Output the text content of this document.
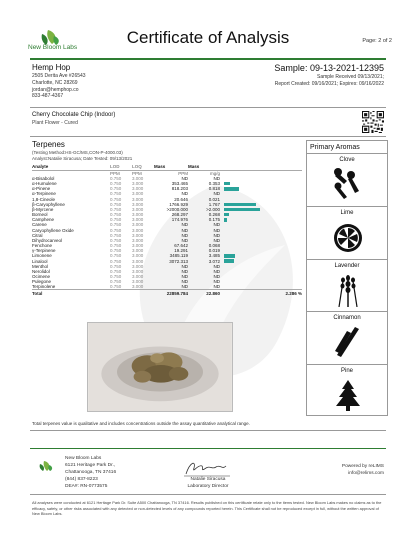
New Bloom Labs
Certificate of Analysis	Page: 2 of 2
Hemp Hop
2505 Derita Ave #26543
Charlotte, NC 28269
jordan@hemphop.co
833-487-4367
Sample: 09-13-2021-12395
Sample Received 09/13/2021;
Report Created: 09/16/2021; Expires: 09/16/2022
Cherry Chocolate Chip (Indoor)
Plant Flower - Cured
Terpenes
(Testing Method:HS-GC/MS,CON-P-4000.03)
Analyst:Natalie Siracusa; Date Tested: 09/13/2021
Analyte	LOD	LOQ	Mass	Mass	
	PPM	PPM	PPM	mg/g	
α-Bisabolol	0.750	3.000	ND	ND	
α-Humulene	0.750	3.000	353.465	0.353	

α-Pinene	0.750	3.000	818.203	0.818	

α-Terpinene	0.750	3.000	ND	ND	
1,8-Cineole	0.750	3.000	20.646	0.021	
β-Caryophyllene	0.750	3.000	1766.929	1.767	

β-Myrcene	0.750	3.000	>2000.000	>2.000	

Borneol	0.750	3.000	268.297	0.268	

Camphene	0.750	3.000	174.976	0.175	

Carene	0.750	3.000	ND	ND	
Caryophyllene Oxide	0.750	3.000	ND	ND	
Citral	0.750	3.000	ND	ND	
Dihydrocarveol	0.750	3.000	ND	ND	
Fenchone	0.750	3.000	67.642	0.068	
γ-Terpinene	0.750	3.000	19.291	0.019	
Limonene	0.750	3.000	3485.119	3.485	

Linalool	0.750	3.000	3072.313	3.072	

Menthol	0.750	3.000	ND	ND	
Nerolidol	0.750	3.000	ND	ND	
Ocimene	0.750	3.000	ND	ND	
Pulegone	0.750	3.000	ND	ND	
Terpinolene	0.750	3.000	ND	ND	
Total			22859.784	22.860	2.286 %
Total terpenes value is qualitative and includes concentrations outside the assay quantitative analytical range.
Primary Aromas
Clove
Lime
Lavender
Cinnamon
Pine
New Bloom Labs
6121 Heritage Park Dr.,
Chattanooga, TN 37416
(844) 837-8223
DEA#: RN-0773575
Natalie Siracusa
Laboratory Director
Powered by reLIMS
info@relims.com
All analyses were conducted at 6121 Heritage Park Dr. Suite A500 Chattanooga, TN 37416. Results published on this certificate relate only to the items tested. New Bloom Labs makes no claims as to the efficacy, safety, or other risks associated with any detected or non-detected levels of any compounds reported herein. This Certificate shall not be reproduced except in full, without the written approval of New Bloom Labs.
